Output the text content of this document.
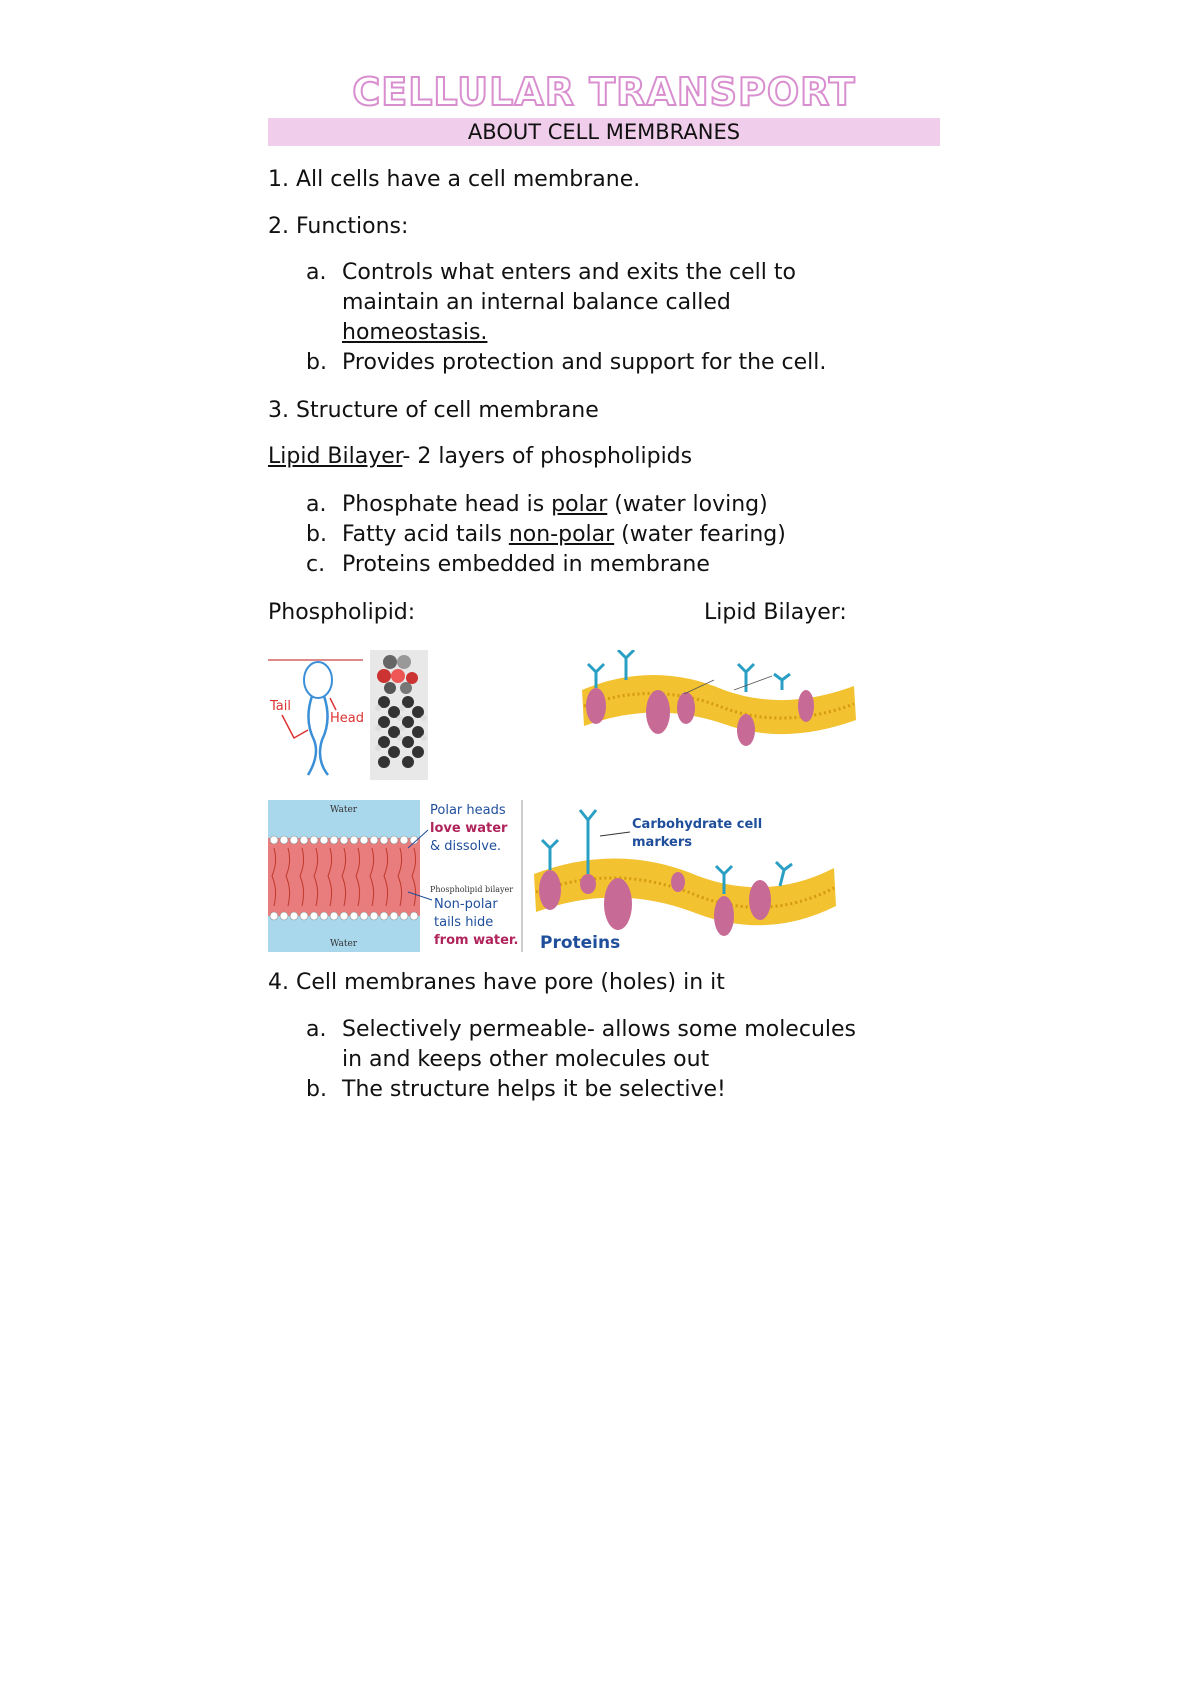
CELLULAR TRANSPORT
ABOUT CELL MEMBRANES
1. All cells have a cell membrane.
2. Functions:
a. Controls what enters and exits the cell to
maintain an internal balance called
homeostasis.
b. Provides protection and support for the cell.
3. Structure of cell membrane
Lipid Bilayer- 2 layers of phospholipids
a. Phosphate head is polar (water loving)
b. Fatty acid tails non-polar (water fearing)
c. Proteins embedded in membrane
Phospholipid:	Lipid Bilayer:
Tail
Head
Water
Water
Polar heads
love water
& dissolve.
Phospholipid bilayer
Non-polar
tails hide
from water.
Carbohydrate cell
markers
Proteins
4. Cell membranes have pore (holes) in it
a. Selectively permeable- allows some molecules
in and keeps other molecules out
b. The structure helps it be selective!
